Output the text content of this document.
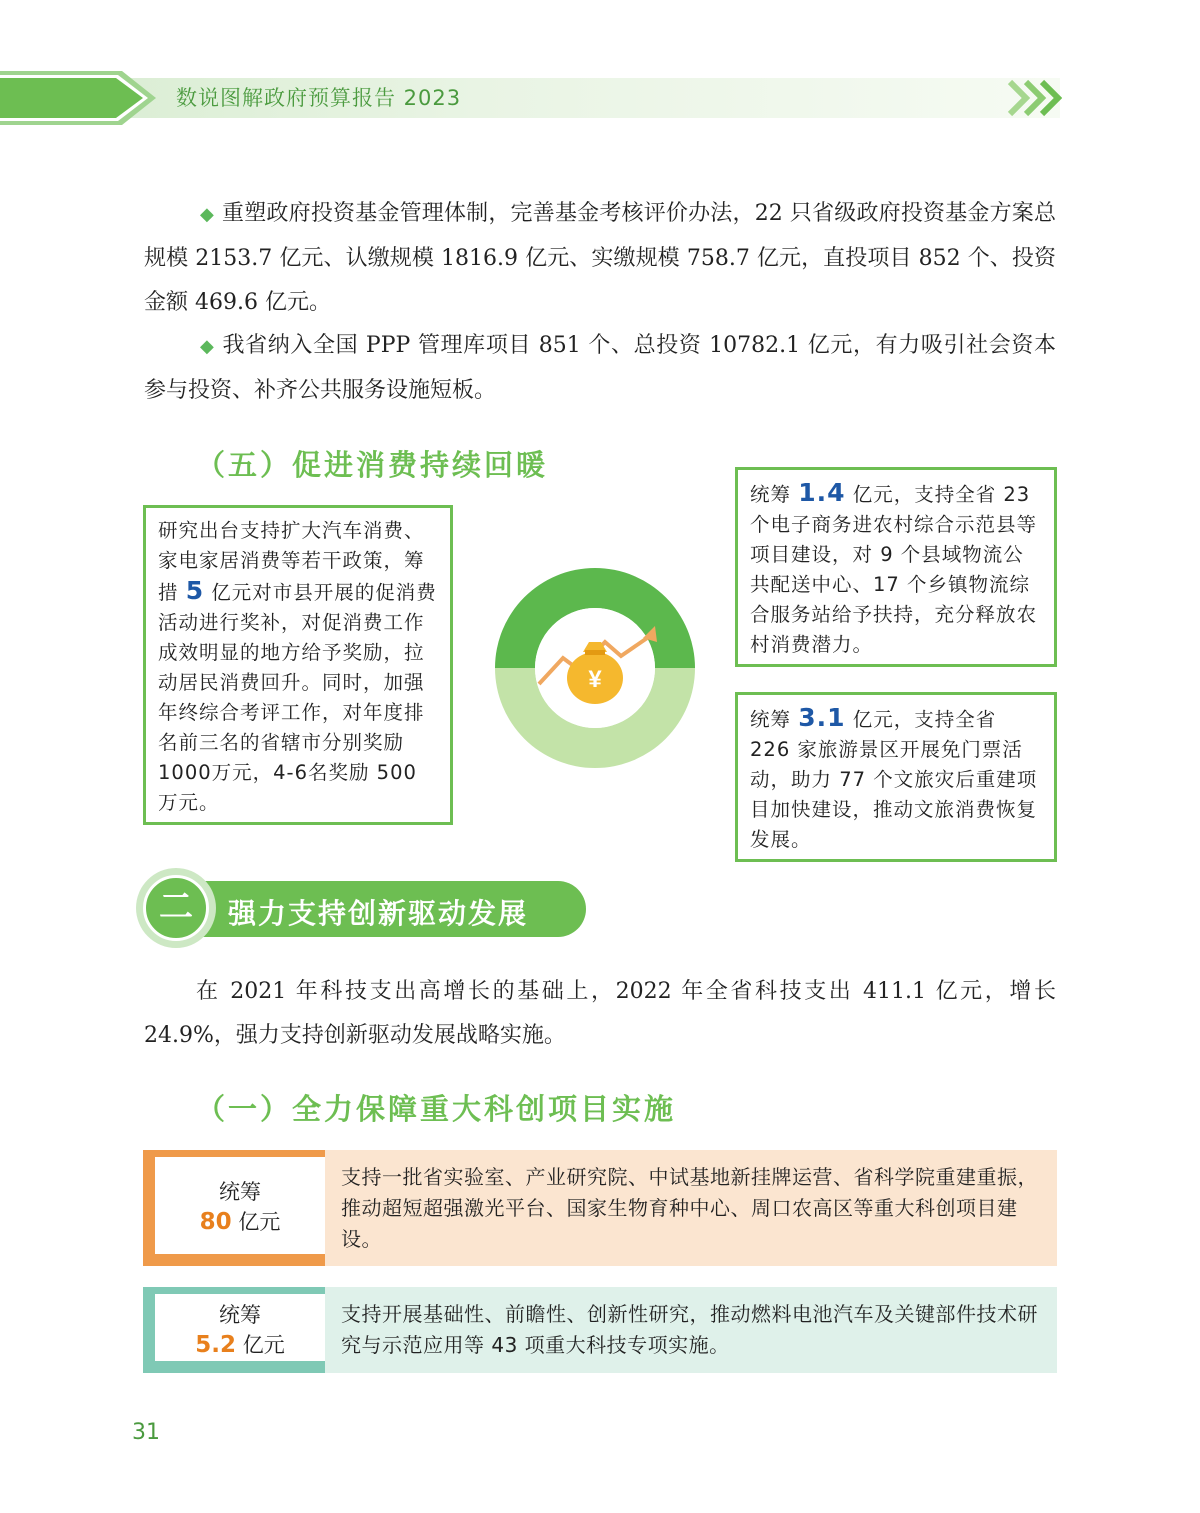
数说图解政府预算报告 2023
◆ 重塑政府投资基金管理体制，完善基金考核评价办法，22 只省级政府投资基金方案总规模 2153.7 亿元、认缴规模 1816.9 亿元、实缴规模 758.7 亿元，直投项目 852 个、投资金额 469.6 亿元。
◆ 我省纳入全国 PPP 管理库项目 851 个、总投资 10782.1 亿元，有力吸引社会资本参与投资、补齐公共服务设施短板。
（五）促进消费持续回暖
研究出台支持扩大汽车消费、家电家居消费等若干政策，筹措 5 亿元对市县开展的促消费活动进行奖补，对促消费工作成效明显的地方给予奖励，拉动居民消费回升。同时，加强年终综合考评工作，对年度排名前三名的省辖市分别奖励1000万元，4-6名奖励 500 万元。
¥
统筹 1.4 亿元，支持全省 23 个电子商务进农村综合示范县等项目建设，对 9 个县域物流公共配送中心、17 个乡镇物流综合服务站给予扶持，充分释放农村消费潜力。
统筹 3.1 亿元，支持全省 226 家旅游景区开展免门票活动，助力 77 个文旅灾后重建项目加快建设，推动文旅消费恢复发展。
二	强力支持创新驱动发展
在 2021 年科技支出高增长的基础上，2022 年全省科技支出 411.1 亿元，增长 24.9%，强力支持创新驱动发展战略实施。
（一）全力保障重大科创项目实施
统筹
80 亿元
支持一批省实验室、产业研究院、中试基地新挂牌运营、省科学院重建重振，推动超短超强激光平台、国家生物育种中心、周口农高区等重大科创项目建设。
统筹
5.2 亿元
支持开展基础性、前瞻性、创新性研究，推动燃料电池汽车及关键部件技术研究与示范应用等 43 项重大科技专项实施。
31
